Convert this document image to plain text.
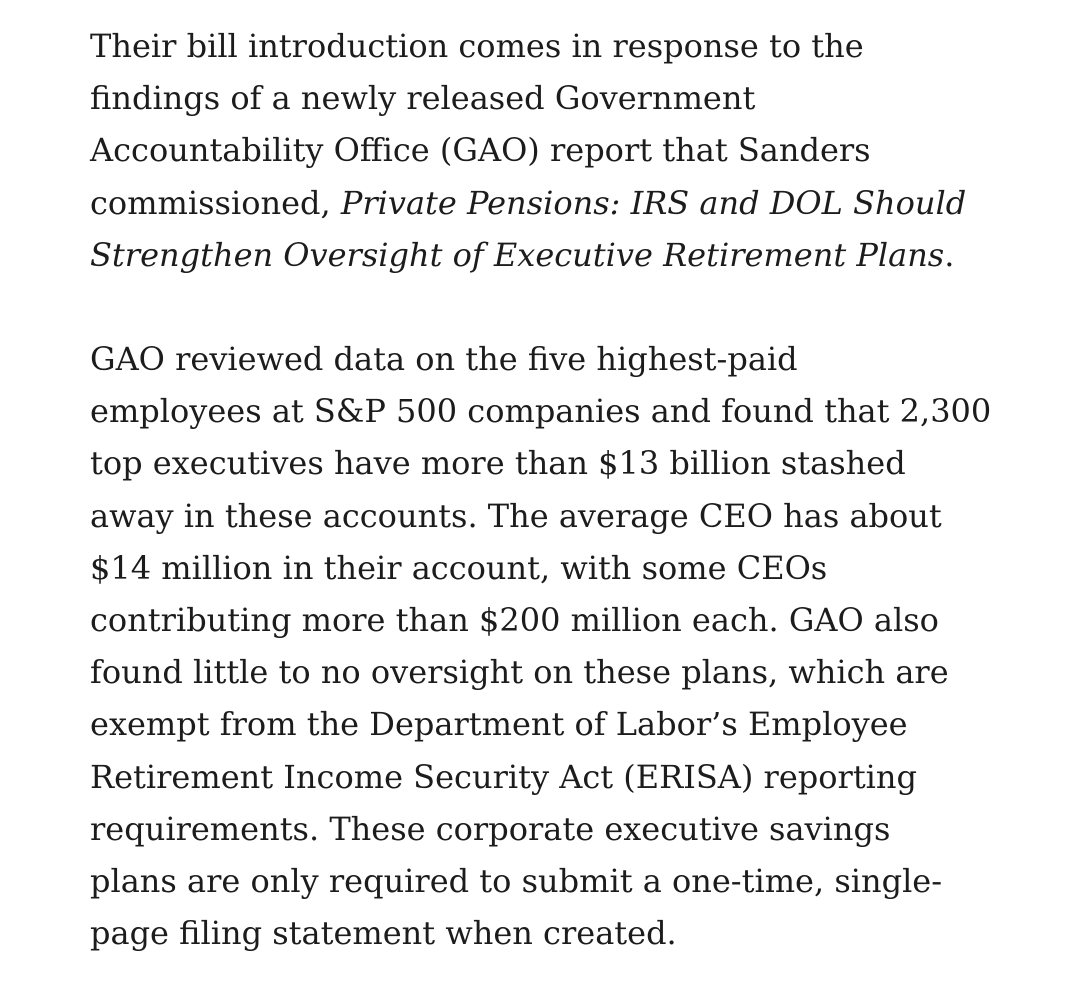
Their bill introduction comes in response to the
findings of a newly released Government
Accountability Office (GAO) report that Sanders
commissioned, Private Pensions: IRS and DOL Should
Strengthen Oversight of Executive Retirement Plans.

GAO reviewed data on the five highest-paid
employees at S&P 500 companies and found that 2,300
top executives have more than $13 billion stashed
away in these accounts. The average CEO has about
$14 million in their account, with some CEOs
contributing more than $200 million each. GAO also
found little to no oversight on these plans, which are
exempt from the Department of Labor’s Employee
Retirement Income Security Act (ERISA) reporting
requirements. These corporate executive savings
plans are only required to submit a one-time, single-
page filing statement when created.
